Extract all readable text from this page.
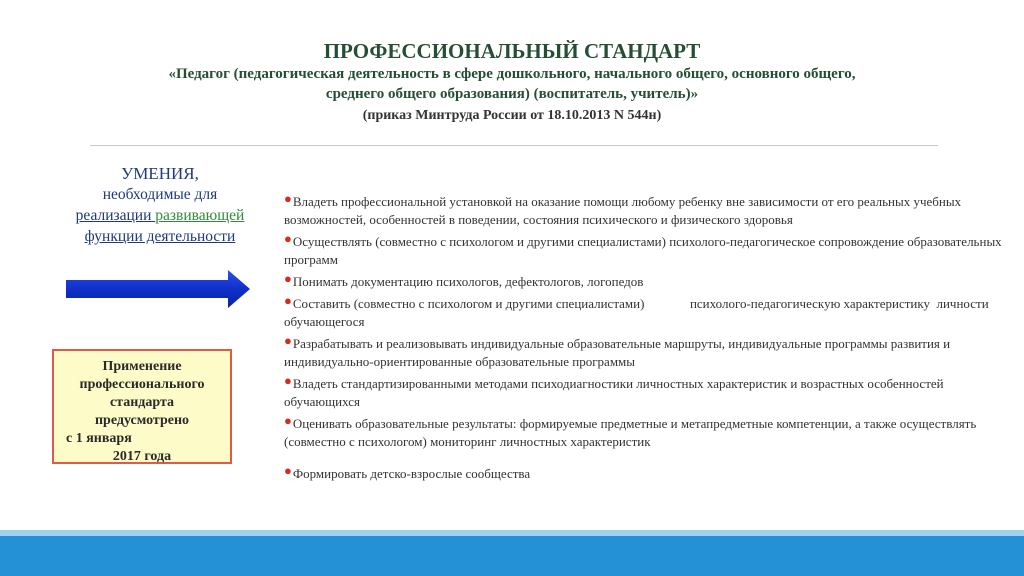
ПРОФЕССИОНАЛЬНЫЙ СТАНДАРТ
«Педагог (педагогическая деятельность в сфере дошкольного, начального общего, основного общего, среднего общего образования) (воспитатель, учитель)»
(приказ Минтруда России от 18.10.2013 N 544н)
УМЕНИЯ,
необходимые для
реализации развивающей
функции деятельности
Применение
профессионального
стандарта
предусмотрено
с 1 января
2017 года
●Владеть профессиональной установкой на оказание помощи любому ребенку вне зависимости от его реальных учебных возможностей, особенностей в поведении, состояния психического и физического здоровья
●Осуществлять (совместно с психологом и другими специалистами) психолого-педагогическое сопровождение образовательных программ
●Понимать документацию психологов, дефектологов, логопедов
●Составить (совместно с психологом и другими специалистами)              психолого-педагогическую характеристику  личности обучающегося
●Разрабатывать и реализовывать индивидуальные образовательные маршруты, индивидуальные программы развития и индивидуально-ориентированные образовательные программы
●Владеть стандартизированными методами психодиагностики личностных характеристик и возрастных особенностей обучающихся
●Оценивать образовательные результаты: формируемые предметные и метапредметные компетенции, а также осуществлять (совместно с психологом) мониторинг личностных характеристик
●Формировать детско-взрослые сообщества
